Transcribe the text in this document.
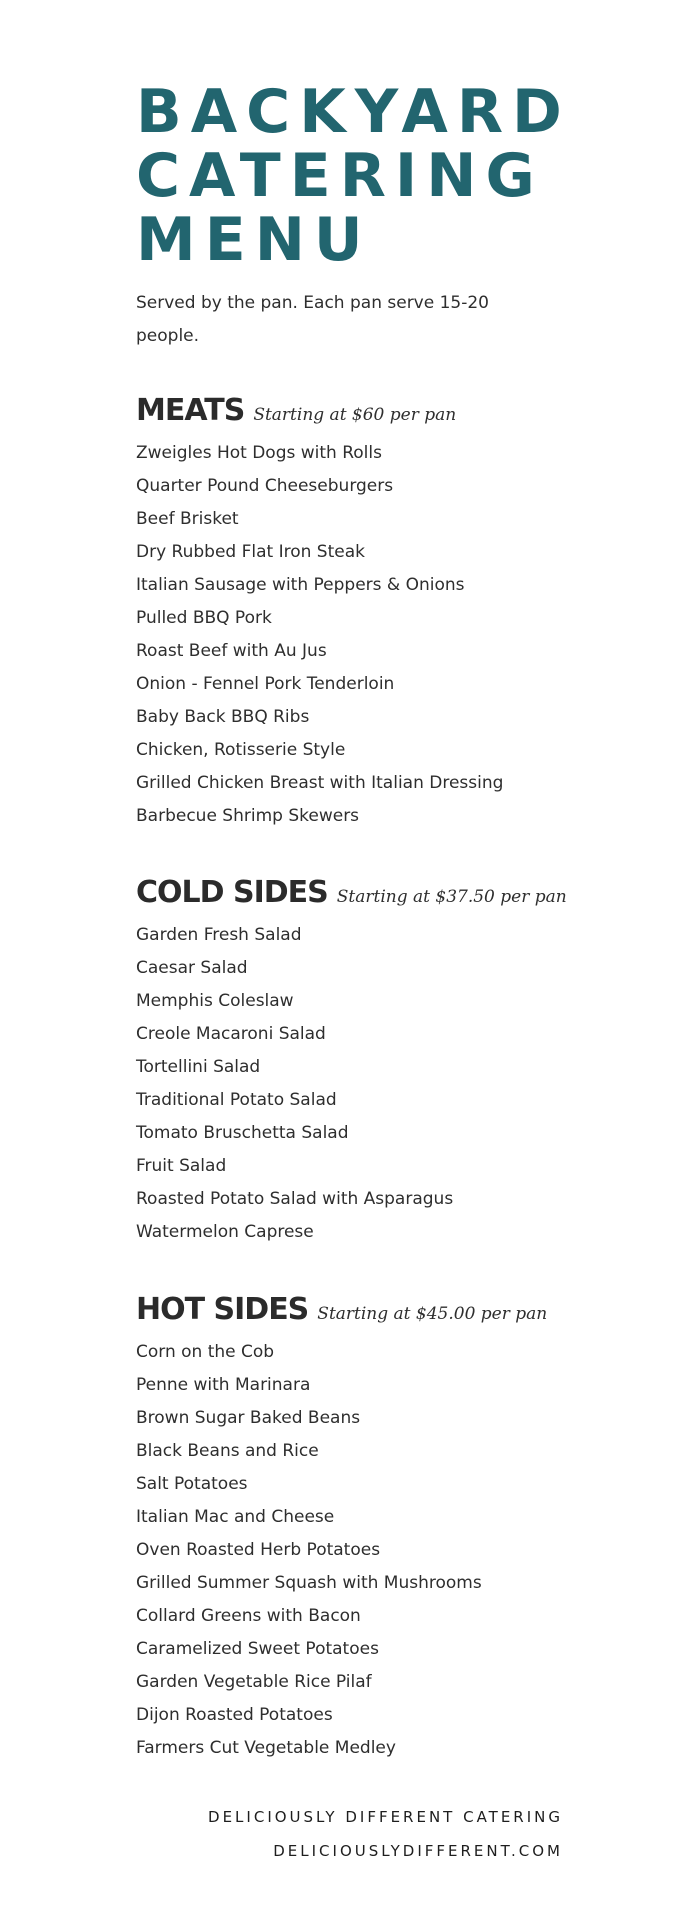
BACKYARD
CATERING
MENU
Served by the pan. Each pan serve 15-20 people.
MEATS Starting at $60 per pan
Zweigles Hot Dogs with Rolls
Quarter Pound Cheeseburgers
Beef Brisket
Dry Rubbed Flat Iron Steak
Italian Sausage with Peppers & Onions
Pulled BBQ Pork
Roast Beef with Au Jus
Onion - Fennel Pork Tenderloin
Baby Back BBQ Ribs
Chicken, Rotisserie Style
Grilled Chicken Breast with Italian Dressing
Barbecue Shrimp Skewers
COLD SIDES Starting at $37.50 per pan
Garden Fresh Salad
Caesar Salad
Memphis Coleslaw
Creole Macaroni Salad
Tortellini Salad
Traditional Potato Salad
Tomato Bruschetta Salad
Fruit Salad
Roasted Potato Salad with Asparagus
Watermelon Caprese
HOT SIDES Starting at $45.00 per pan
Corn on the Cob
Penne with Marinara
Brown Sugar Baked Beans
Black Beans and Rice
Salt Potatoes
Italian Mac and Cheese
Oven Roasted Herb Potatoes
Grilled Summer Squash with Mushrooms
Collard Greens with Bacon
Caramelized Sweet Potatoes
Garden Vegetable Rice Pilaf
Dijon Roasted Potatoes
Farmers Cut Vegetable Medley
DELICIOUSLY DIFFERENT CATERING
DELICIOUSLYDIFFERENT.COM
